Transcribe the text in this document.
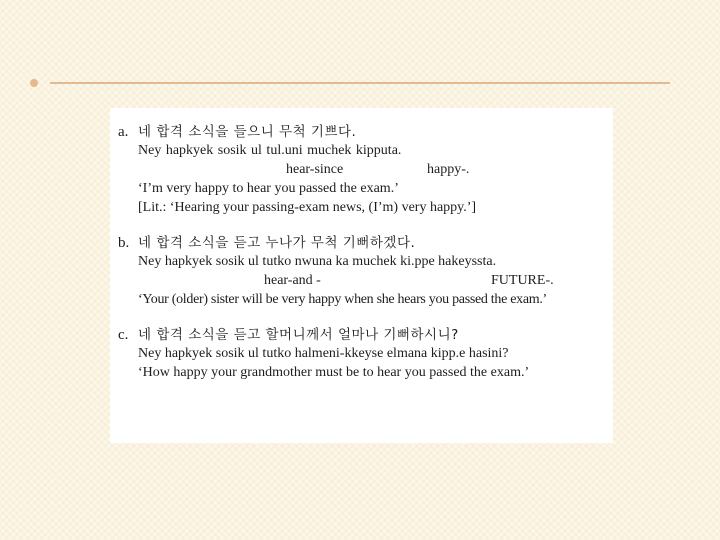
a. 네 합격 소식을 들으니 무척 기쁘다.
Ney hapkyek sosik ul tul.uni muchek kipputa.
hear-since	happy-.
‘I’m very happy to hear you passed the exam.’
[Lit.: ‘Hearing your passing-exam news, (I’m) very happy.’]
b. 네 합격 소식을 듣고 누나가 무척 기뻐하겠다.
Ney hapkyek sosik ul tutko nwuna ka muchek ki.ppe hakeyssta.
hear-and -	FUTURE-.
‘Your (older) sister will be very happy when she hears you passed the exam.’
c. 네 합격 소식을 듣고 할머니께서 얼마나 기뻐하시니?
Ney hapkyek sosik ul tutko halmeni-kkeyse elmana kipp.e hasini?
‘How happy your grandmother must be to hear you passed the exam.’
